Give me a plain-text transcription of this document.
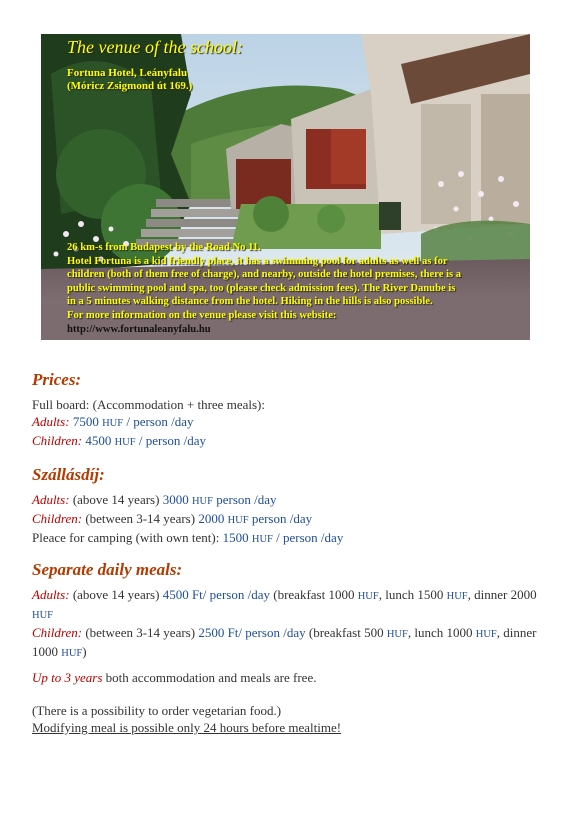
The venue of the school:
Fortuna Hotel, Leányfalu
(Móricz Zsigmond út 169.)
26 km-s from Budapest by the Road No 11.
Hotel Fortuna is a kid friendly place, it has a swimming pool for adults as well as for
children (both of them free of charge), and nearby, outside the hotel premises, there is a
public swimming pool and spa, too (please check admission fees). The River Danube is
in a 5 minutes walking distance from the hotel. Hiking in the hills is also possible.
For more information on the venue please visit this website:
http://www.fortunaleanyfalu.hu
Prices:
Full board: (Accommodation + three meals):
Adults: 7500 HUF / person /day
Children: 4500 HUF / person /day
Szállásdíj:
Adults: (above 14 years) 3000 HUF person /day
Children: (between 3-14 years) 2000 HUF person /day
Pleace for camping (with own tent): 1500 HUF / person /day
Separate daily meals:
Adults: (above 14 years) 4500 Ft/ person /day (breakfast 1000 HUF, lunch 1500 HUF, dinner 2000 HUF
Children: (between 3-14 years) 2500 Ft/ person /day (breakfast 500 HUF, lunch 1000 HUF, dinner 1000 HUF)
Up to 3 years both accommodation and meals are free.
(There is a possibility to order vegetarian food.)
Modifying meal is possible only 24 hours before mealtime!
